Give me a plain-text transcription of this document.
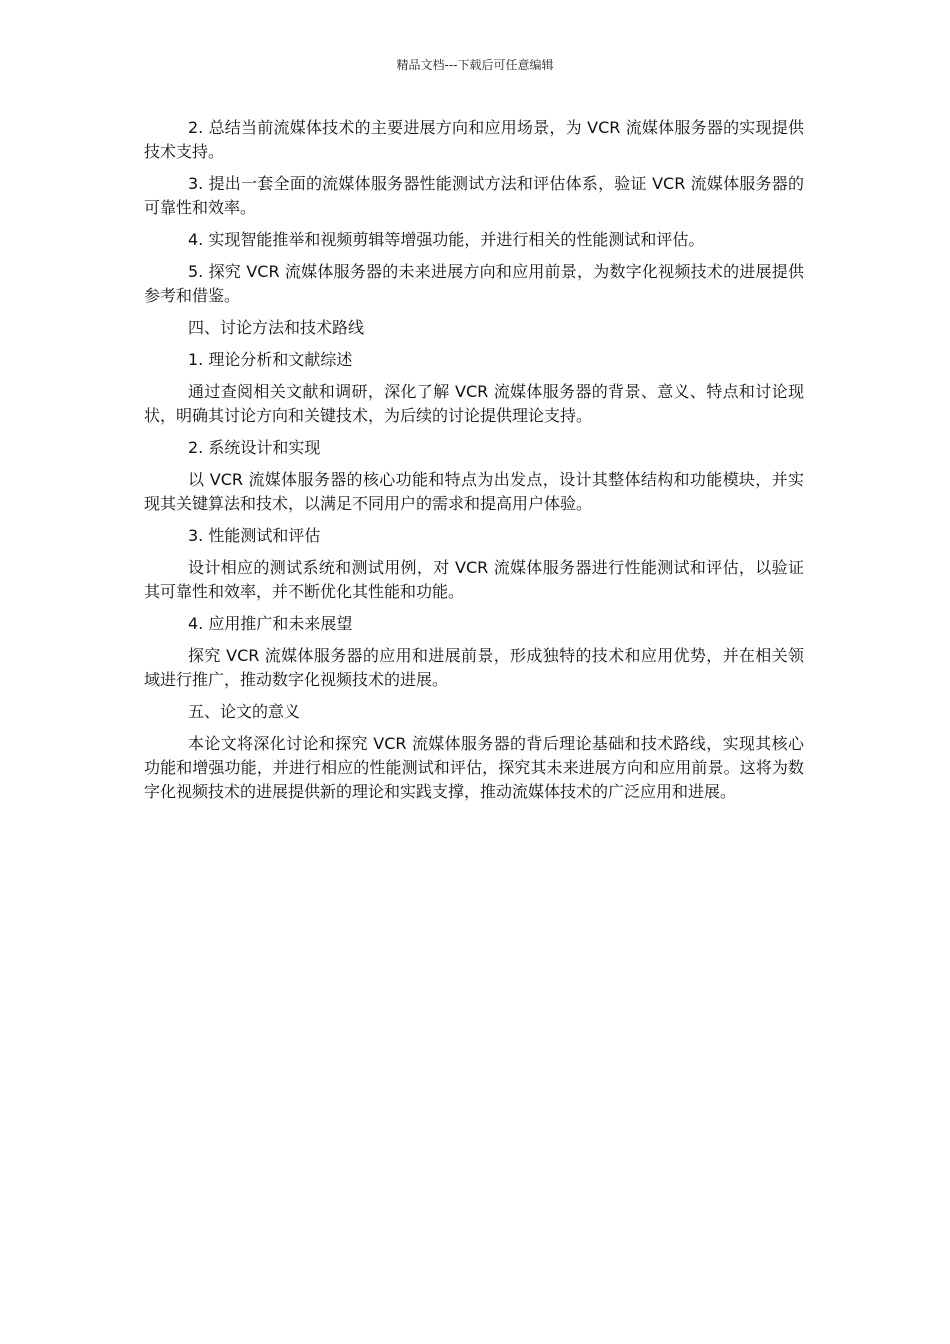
精品文档---下载后可任意编辑

2. 总结当前流媒体技术的主要进展方向和应用场景，为 VCR 流媒体服务器的实现提供技术支持。

3. 提出一套全面的流媒体服务器性能测试方法和评估体系，验证 VCR 流媒体服务器的可靠性和效率。

4. 实现智能推举和视频剪辑等增强功能，并进行相关的性能测试和评估。

5. 探究 VCR 流媒体服务器的未来进展方向和应用前景，为数字化视频技术的进展提供参考和借鉴。

四、讨论方法和技术路线

1. 理论分析和文献综述

通过查阅相关文献和调研，深化了解 VCR 流媒体服务器的背景、意义、特点和讨论现状，明确其讨论方向和关键技术，为后续的讨论提供理论支持。

2. 系统设计和实现

以 VCR 流媒体服务器的核心功能和特点为出发点，设计其整体结构和功能模块，并实现其关键算法和技术，以满足不同用户的需求和提高用户体验。

3. 性能测试和评估

设计相应的测试系统和测试用例，对 VCR 流媒体服务器进行性能测试和评估，以验证其可靠性和效率，并不断优化其性能和功能。

4. 应用推广和未来展望

探究 VCR 流媒体服务器的应用和进展前景，形成独特的技术和应用优势，并在相关领域进行推广，推动数字化视频技术的进展。

五、论文的意义

本论文将深化讨论和探究 VCR 流媒体服务器的背后理论基础和技术路线，实现其核心功能和增强功能，并进行相应的性能测试和评估，探究其未来进展方向和应用前景。这将为数字化视频技术的进展提供新的理论和实践支撑，推动流媒体技术的广泛应用和进展。
